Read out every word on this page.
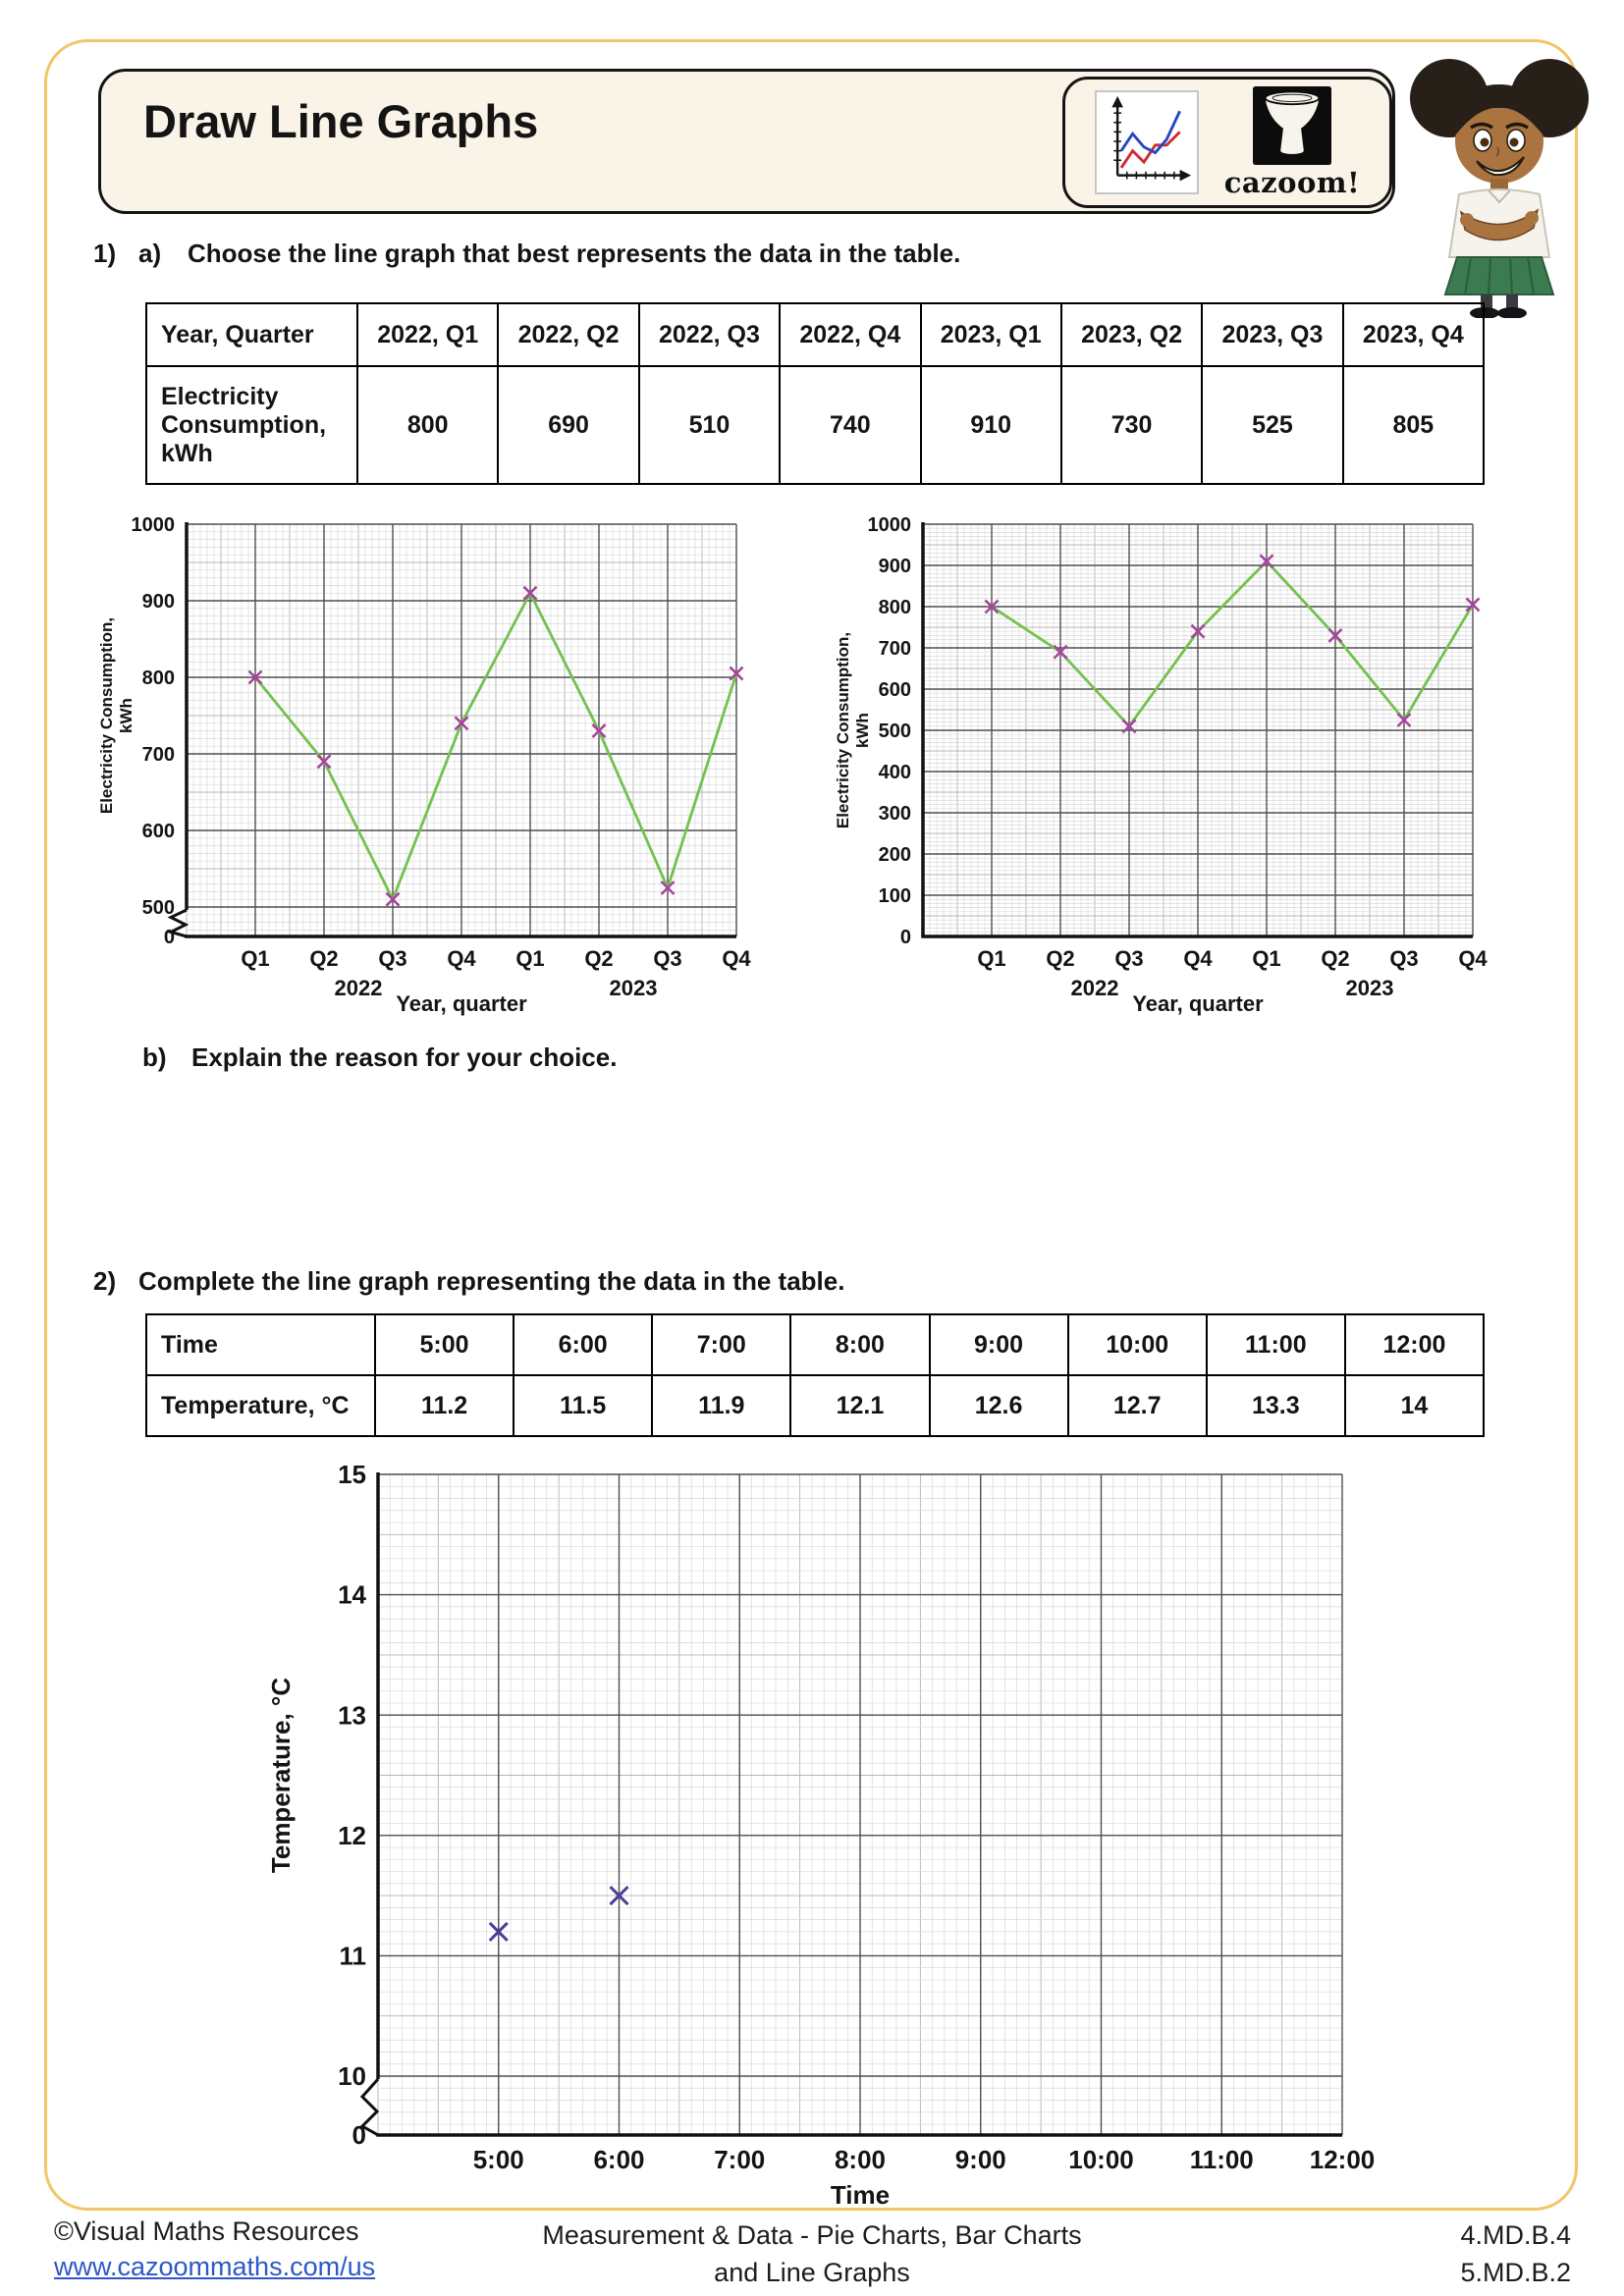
Draw Line Graphs
cazoom!
1) a)	Choose the line graph that best represents the data in the table.
Year, Quarter	2022, Q1	2022, Q2	2022, Q3	2022, Q4	2023, Q1	2023, Q2	2023, Q3	2023, Q4
Electricity Consumption, kWh	800	690	510	740	910	730	525	805
1000
900
800
700
600
500
0
Q1 Q2 Q3 Q4 Q1 Q2 Q3 Q4
2022	2023
Electricity Consumption, kWh
Year, quarter
1000
900
800
700
600
500
400
300
200
100
0
Q1 Q2 Q3 Q4 Q1 Q2 Q3 Q4
2022	2023
Electricity Consumption, kWh
Year, quarter
b) Explain the reason for your choice.
2) Complete the line graph representing the data in the table.
Time	5:00	6:00	7:00	8:00	9:00	10:00	11:00	12:00
Temperature, °C	11.2	11.5	11.9	12.1	12.6	12.7	13.3	14
15
14
13
12
11
10
0
5:00	6:00	7:00	8:00	9:00 10:00 11:00 12:00
Temperature, °C
Time
©Visual Maths Resources
www.cazoommaths.com/us
Measurement & Data - Pie Charts, Bar Charts
and Line Graphs
4.MD.B.4
5.MD.B.2
